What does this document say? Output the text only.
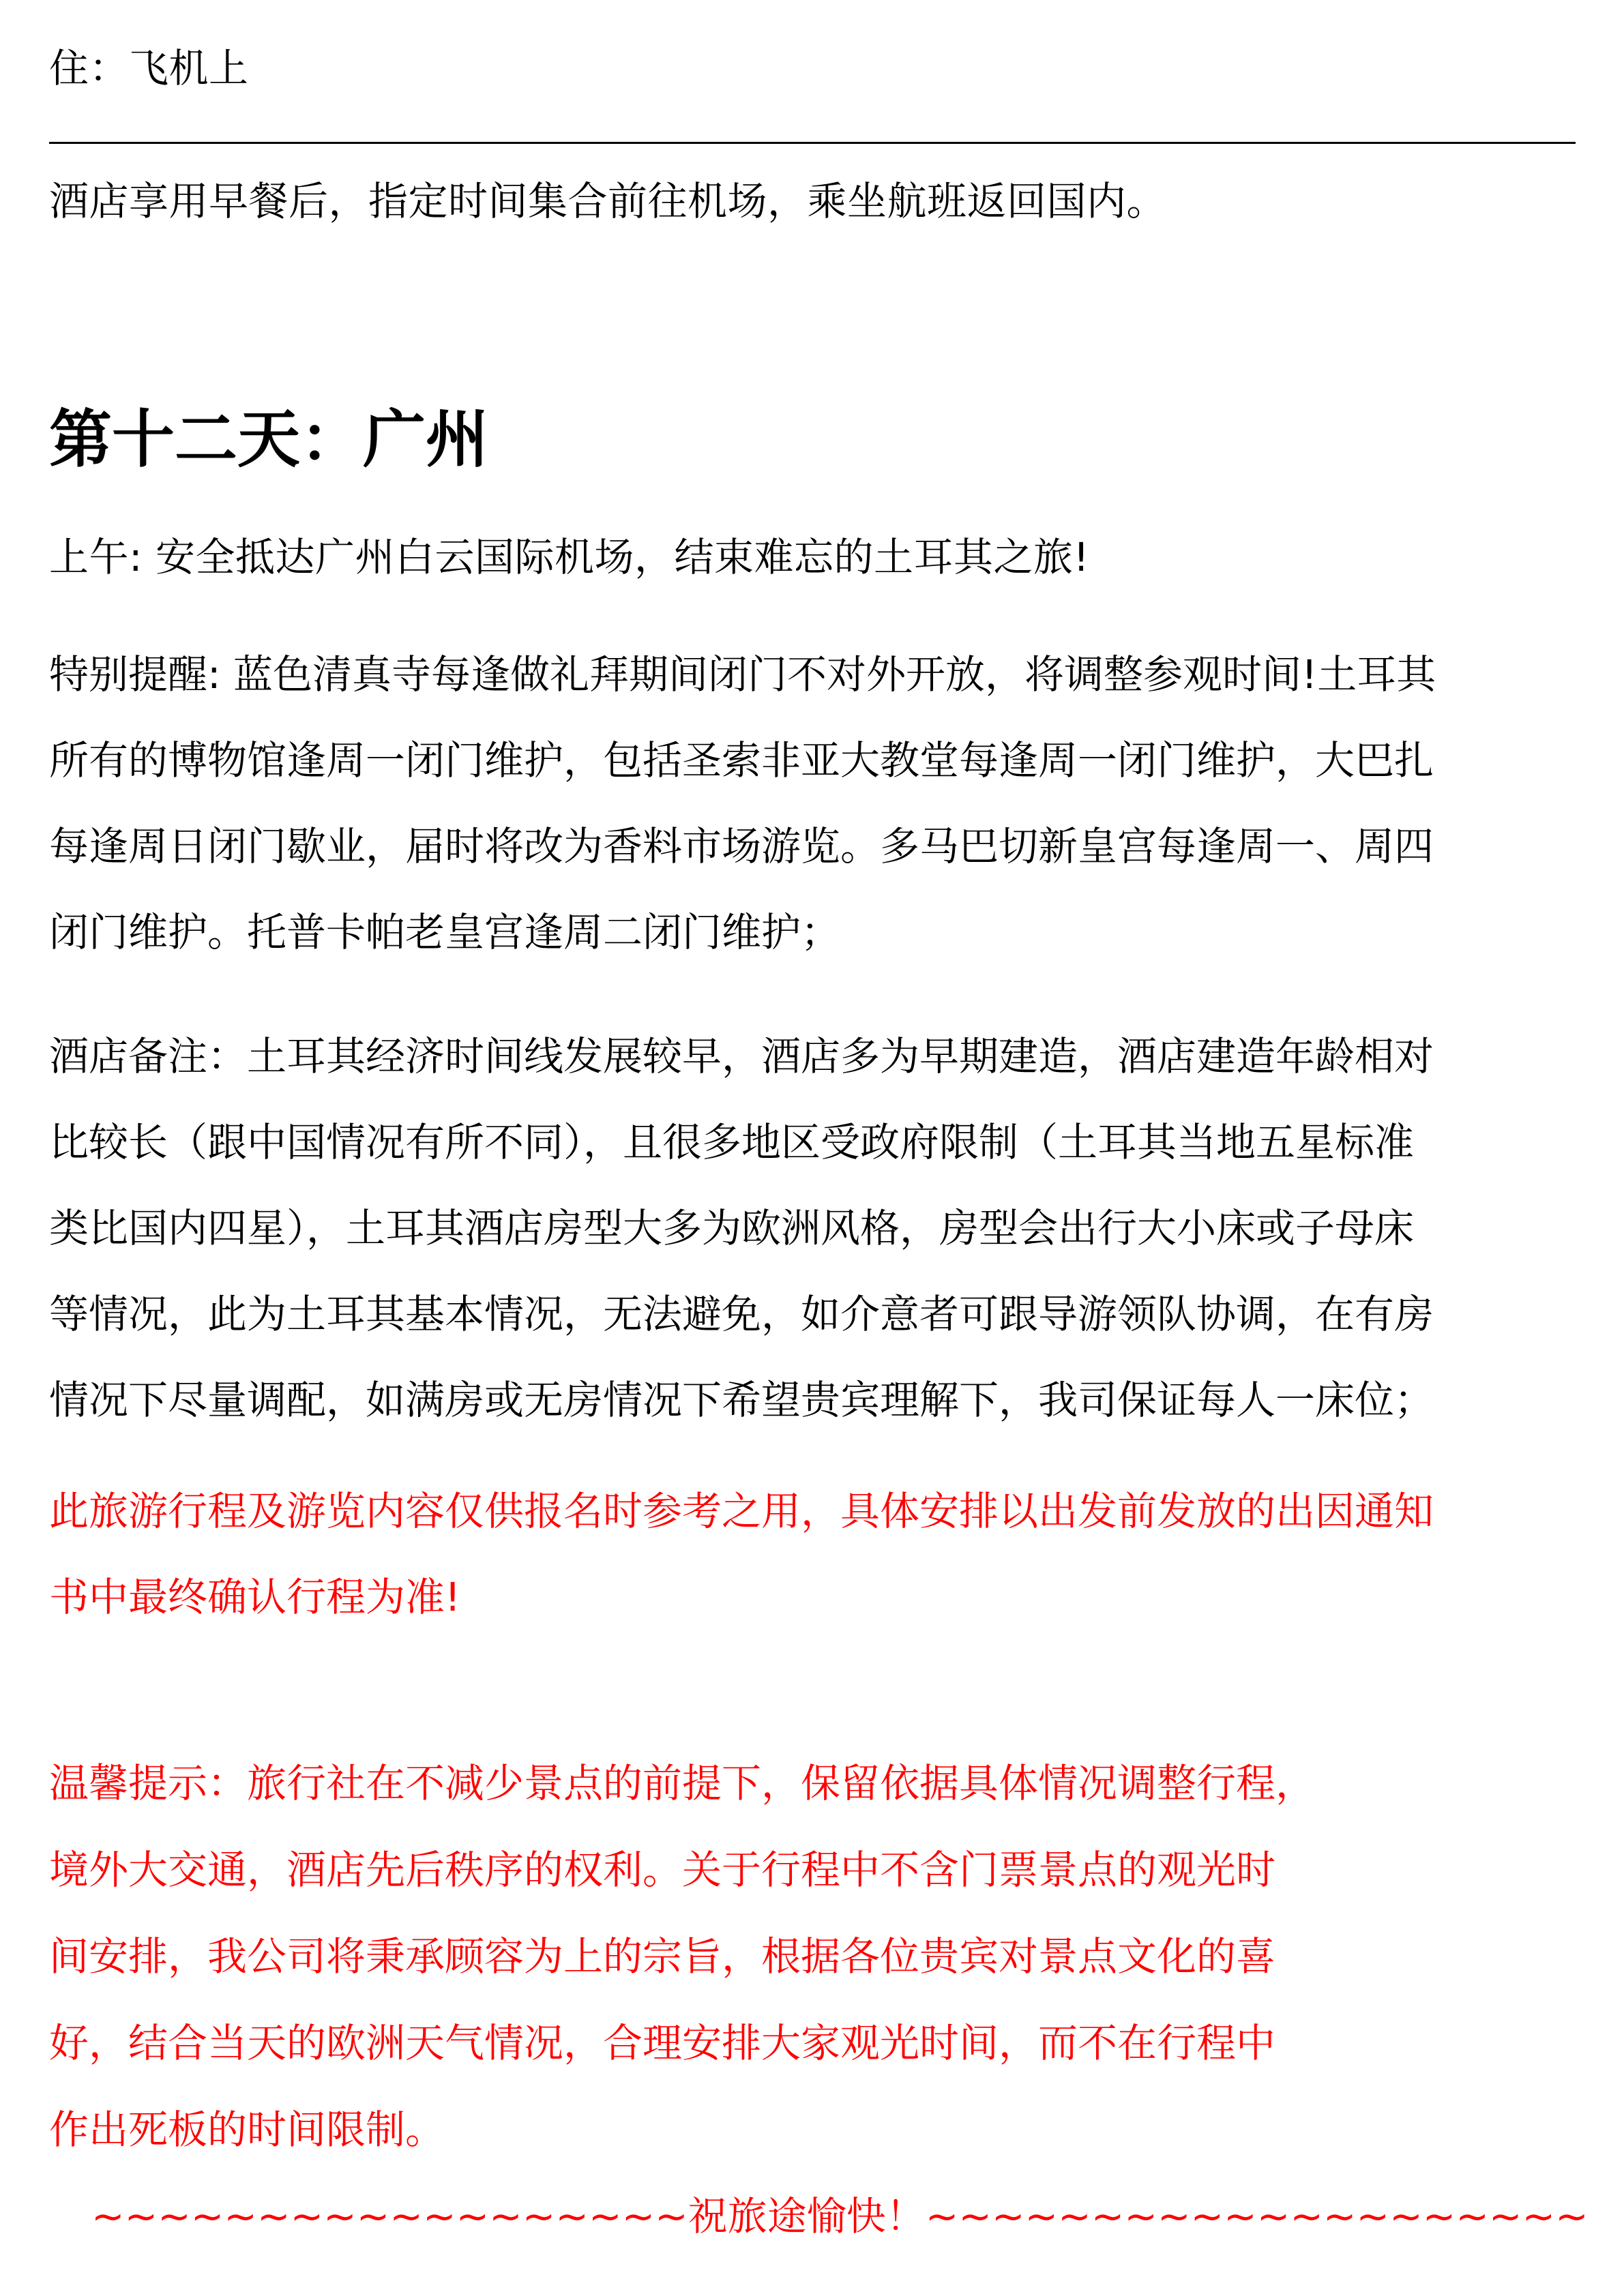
住：飞机上

酒店享用早餐后，指定时间集合前往机场，乘坐航班返回国内。

第十二天：广州

上午: 安全抵达广州白云国际机场，结束难忘的土耳其之旅!

特别提醒: 蓝色清真寺每逢做礼拜期间闭门不对外开放，将调整参观时间!土耳其

所有的博物馆逢周一闭门维护，包括圣索非亚大教堂每逢周一闭门维护，大巴扎

每逢周日闭门歇业，届时将改为香料市场游览。多马巴切新皇宫每逢周一、周四

闭门维护。托普卡帕老皇宫逢周二闭门维护；

酒店备注：土耳其经济时间线发展较早，酒店多为早期建造，酒店建造年龄相对

比较长（跟中国情况有所不同），且很多地区受政府限制（土耳其当地五星标准

类比国内四星），土耳其酒店房型大多为欧洲风格，房型会出行大小床或子母床

等情况，此为土耳其基本情况，无法避免，如介意者可跟导游领队协调，在有房

情况下尽量调配，如满房或无房情况下希望贵宾理解下，我司保证每人一床位；

此旅游行程及游览内容仅供报名时参考之用，具体安排以出发前发放的出因通知

书中最终确认行程为准!

温馨提示：旅行社在不减少景点的前提下，保留依据具体情况调整行程，

境外大交通，酒店先后秩序的权利。关于行程中不含门票景点的观光时

间安排，我公司将秉承顾容为上的宗旨，根据各位贵宾对景点文化的喜

好，结合当天的欧洲天气情况，合理安排大家观光时间，而不在行程中

作出死板的时间限制。

~~~~~~~~~~~~~~~~~~祝旅途愉快！~~~~~~~~~~~~~~~~~~~~
